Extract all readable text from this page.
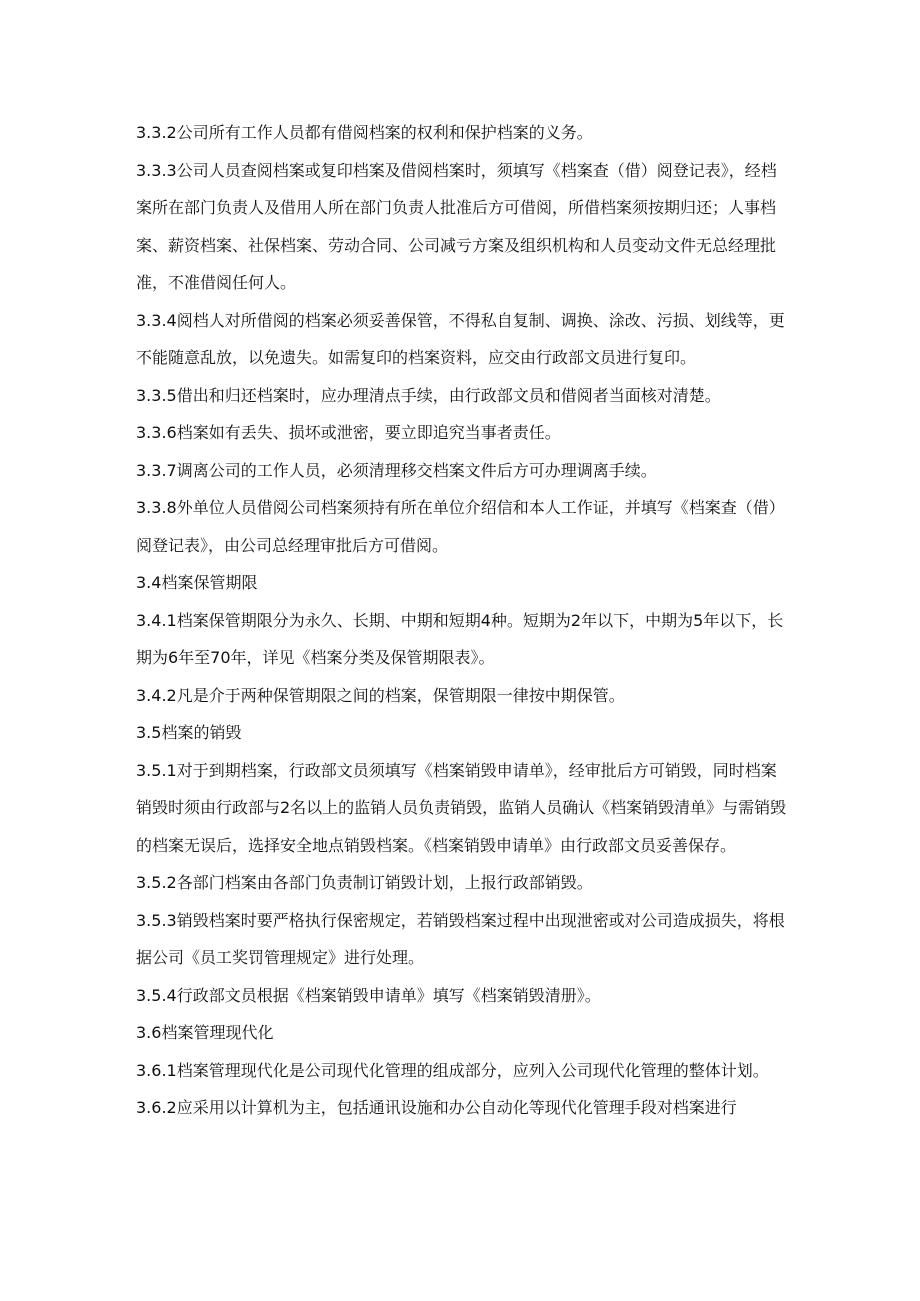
3.3.2公司所有工作人员都有借阅档案的权利和保护档案的义务。

3.3.3公司人员查阅档案或复印档案及借阅档案时，须填写《档案查（借）阅登记表》，经档案所在部门负责人及借用人所在部门负责人批准后方可借阅，所借档案须按期归还；人事档案、薪资档案、社保档案、劳动合同、公司减亏方案及组织机构和人员变动文件无总经理批准，不准借阅任何人。

3.3.4阅档人对所借阅的档案必须妥善保管，不得私自复制、调换、涂改、污损、划线等，更不能随意乱放，以免遗失。如需复印的档案资料，应交由行政部文员进行复印。

3.3.5借出和归还档案时，应办理清点手续，由行政部文员和借阅者当面核对清楚。

3.3.6档案如有丢失、损坏或泄密，要立即追究当事者责任。

3.3.7调离公司的工作人员，必须清理移交档案文件后方可办理调离手续。

3.3.8外单位人员借阅公司档案须持有所在单位介绍信和本人工作证，并填写《档案查（借）阅登记表》，由公司总经理审批后方可借阅。

3.4档案保管期限

3.4.1档案保管期限分为永久、长期、中期和短期4种。短期为2年以下，中期为5年以下，长期为6年至70年，详见《档案分类及保管期限表》。

3.4.2凡是介于两种保管期限之间的档案，保管期限一律按中期保管。

3.5档案的销毁

3.5.1对于到期档案，行政部文员须填写《档案销毁申请单》，经审批后方可销毁，同时档案销毁时须由行政部与2名以上的监销人员负责销毁，监销人员确认《档案销毁清单》与需销毁的档案无误后，选择安全地点销毁档案。《档案销毁申请单》由行政部文员妥善保存。

3.5.2各部门档案由各部门负责制订销毁计划，上报行政部销毁。

3.5.3销毁档案时要严格执行保密规定，若销毁档案过程中出现泄密或对公司造成损失，将根据公司《员工奖罚管理规定》进行处理。

3.5.4行政部文员根据《档案销毁申请单》填写《档案销毁清册》。

3.6档案管理现代化

3.6.1档案管理现代化是公司现代化管理的组成部分，应列入公司现代化管理的整体计划。

3.6.2应采用以计算机为主，包括通讯设施和办公自动化等现代化管理手段对档案进行
